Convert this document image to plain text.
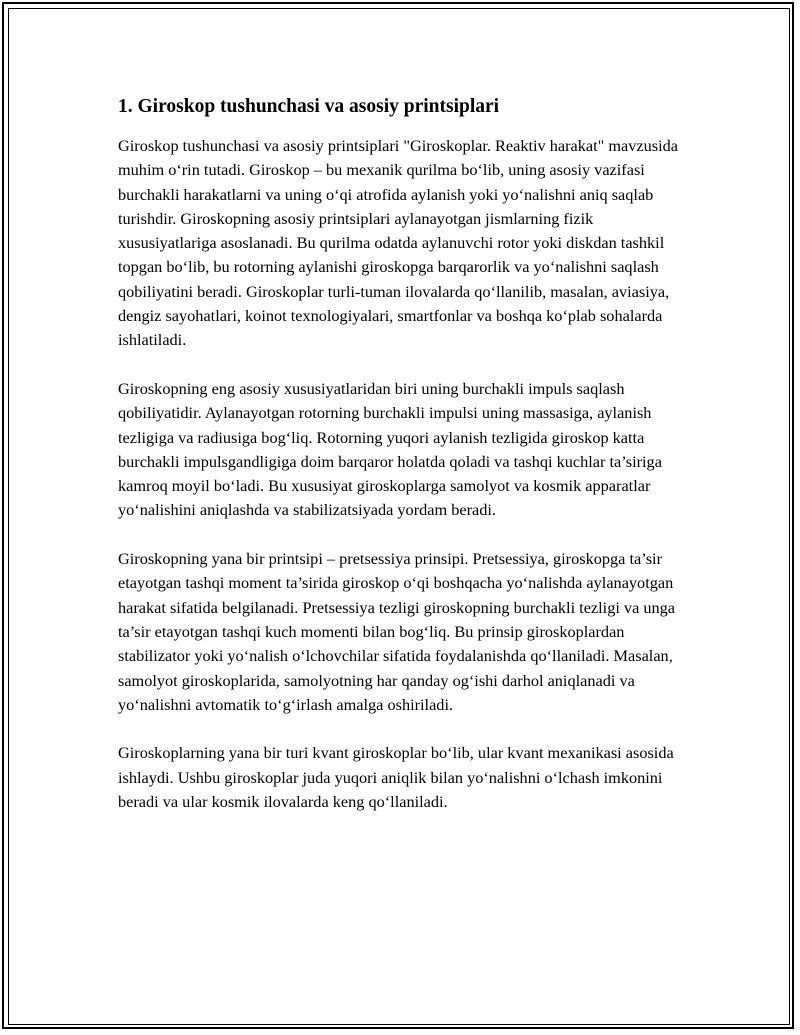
1. Giroskop tushunchasi va asosiy printsiplari

Giroskop tushunchasi va asosiy printsiplari "Giroskoplar. Reaktiv harakat" mavzusida muhim o‘rin tutadi. Giroskop – bu mexanik qurilma bo‘lib, uning asosiy vazifasi burchakli harakatlarni va uning o‘qi atrofida aylanish yoki yo‘nalishni aniq saqlab turishdir. Giroskopning asosiy printsiplari aylanayotgan jismlarning fizik xususiyatlariga asoslanadi. Bu qurilma odatda aylanuvchi rotor yoki diskdan tashkil topgan bo‘lib, bu rotorning aylanishi giroskopga barqarorlik va yo‘nalishni saqlash qobiliyatini beradi. Giroskoplar turli-tuman ilovalarda qo‘llanilib, masalan, aviasiya, dengiz sayohatlari, koinot texnologiyalari, smartfonlar va boshqa ko‘plab sohalarda ishlatiladi.

Giroskopning eng asosiy xususiyatlaridan biri uning burchakli impuls saqlash qobiliyatidir. Aylanayotgan rotorning burchakli impulsi uning massasiga, aylanish tezligiga va radiusiga bog‘liq. Rotorning yuqori aylanish tezligida giroskop katta burchakli impulsgandligiga doim barqaror holatda qoladi va tashqi kuchlar ta’siriga kamroq moyil bo‘ladi. Bu xususiyat giroskoplarga samolyot va kosmik apparatlar yo‘nalishini aniqlashda va stabilizatsiyada yordam beradi.

Giroskopning yana bir printsipi – pretsessiya prinsipi. Pretsessiya, giroskopga ta’sir etayotgan tashqi moment ta’sirida giroskop o‘qi boshqacha yo‘nalishda aylanayotgan harakat sifatida belgilanadi. Pretsessiya tezligi giroskopning burchakli tezligi va unga ta’sir etayotgan tashqi kuch momenti bilan bog‘liq. Bu prinsip giroskoplardan stabilizator yoki yo‘nalish o‘lchovchilar sifatida foydalanishda qo‘llaniladi. Masalan, samolyot giroskoplarida, samolyotning har qanday og‘ishi darhol aniqlanadi va yo‘nalishni avtomatik to‘g‘irlash amalga oshiriladi.

Giroskoplarning yana bir turi kvant giroskoplar bo‘lib, ular kvant mexanikasi asosida ishlaydi. Ushbu giroskoplar juda yuqori aniqlik bilan yo‘nalishni o‘lchash imkonini beradi va ular kosmik ilovalarda keng qo‘llaniladi.
